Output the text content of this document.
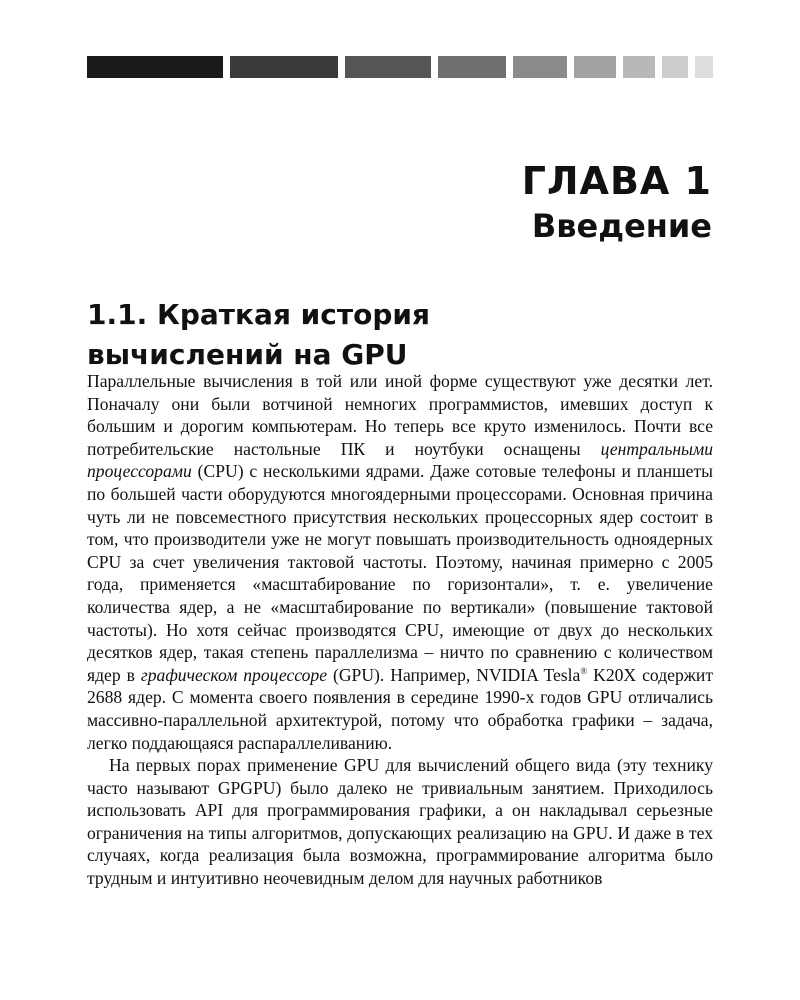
ГЛАВА 1
Введение
1.1. Краткая история
вычислений на GPU

Параллельные вычисления в той или иной форме существуют уже десятки лет. Поначалу они были вотчиной немногих программистов, имевших доступ к большим и дорогим компьютерам. Но теперь все круто изменилось. Почти все потребительские настольные ПК и ноутбуки оснащены центральными процессорами (CPU) с несколькими ядрами. Даже сотовые телефоны и планшеты по большей части оборудуются многоядерными процессорами. Основная причина чуть ли не повсеместного присутствия нескольких процессорных ядер состоит в том, что производители уже не могут повышать производительность одноядерных CPU за счет увеличения тактовой частоты. Поэтому, начиная примерно с 2005 года, применяется «масштабирование по горизонтали», т. е. увеличение количества ядер, а не «масштабирование по вертикали» (повышение тактовой частоты). Но хотя сейчас производятся CPU, имеющие от двух до нескольких десятков ядер, такая степень параллелизма – ничто по сравнению с количеством ядер в графическом процессоре (GPU). Например, NVIDIA Tesla® K20X содержит 2688 ядер. С момента своего появления в середине 1990-х годов GPU отличались массивно-параллельной архитектурой, потому что обработка графики – задача, легко поддающаяся распараллеливанию.

На первых порах применение GPU для вычислений общего вида (эту технику часто называют GPGPU) было далеко не тривиальным занятием. Приходилось использовать API для программирования графики, а он накладывал серьезные ограничения на типы алгоритмов, допускающих реализацию на GPU. И даже в тех случаях, когда реализация была возможна, программирование алгоритма было трудным и интуитивно неочевидным делом для научных работников
